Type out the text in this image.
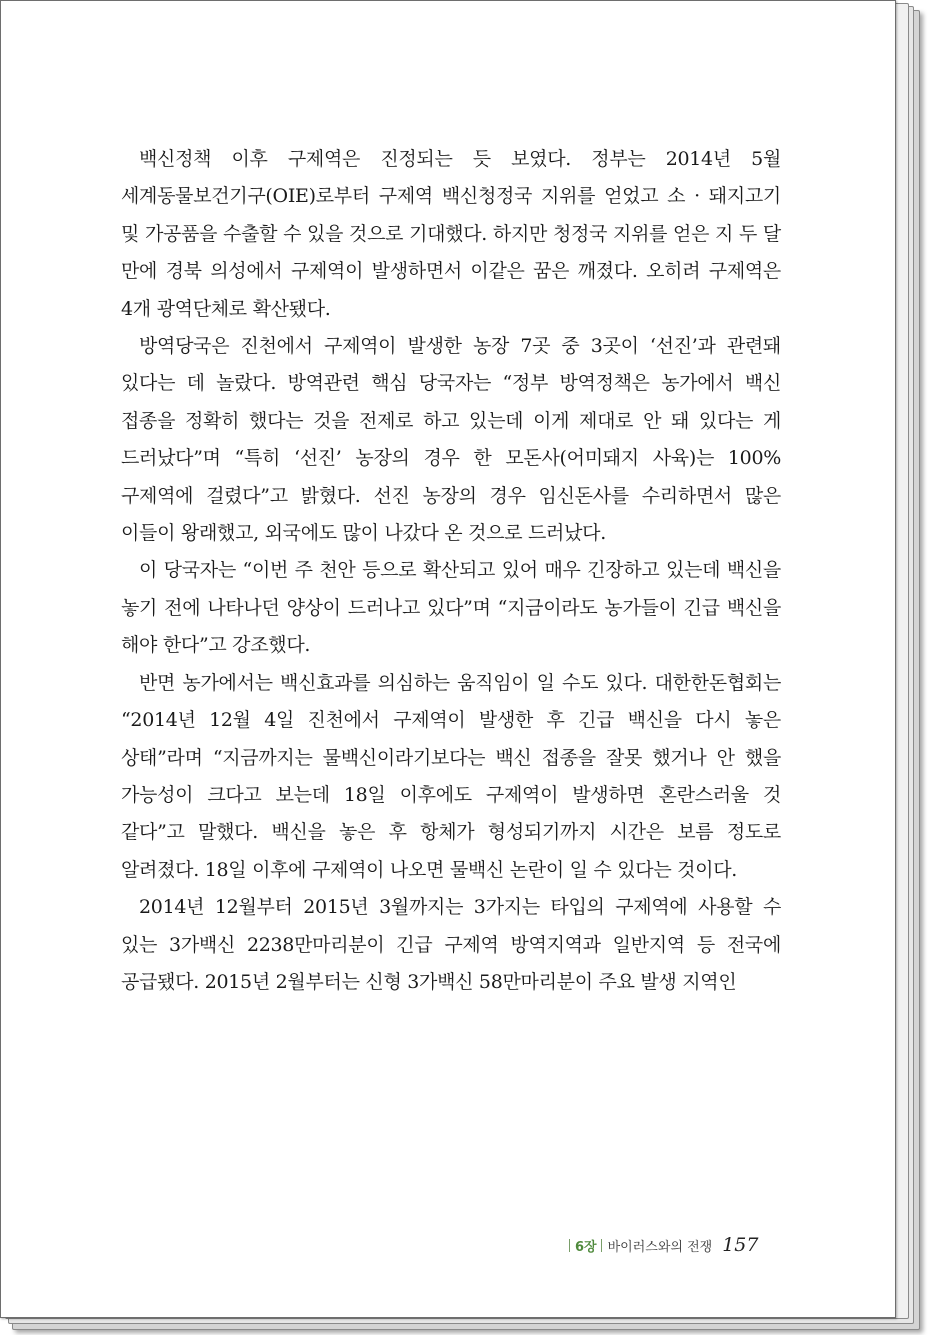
백신정책 이후 구제역은 진정되는 듯 보였다. 정부는 2014년 5월 세계동물보건기구(OIE)로부터 구제역 백신청정국 지위를 얻었고 소 · 돼지고기 및 가공품을 수출할 수 있을 것으로 기대했다. 하지만 청정국 지위를 얻은 지 두 달 만에 경북 의성에서 구제역이 발생하면서 이같은 꿈은 깨졌다. 오히려 구제역은 4개 광역단체로 확산됐다.

방역당국은 진천에서 구제역이 발생한 농장 7곳 중 3곳이 ‘선진’과 관련돼 있다는 데 놀랐다. 방역관련 핵심 당국자는 “정부 방역정책은 농가에서 백신 접종을 정확히 했다는 것을 전제로 하고 있는데 이게 제대로 안 돼 있다는 게 드러났다”며 “특히 ‘선진’ 농장의 경우 한 모돈사(어미돼지 사육)는 100% 구제역에 걸렸다”고 밝혔다. 선진 농장의 경우 임신돈사를 수리하면서 많은 이들이 왕래했고, 외국에도 많이 나갔다 온 것으로 드러났다.

이 당국자는 “이번 주 천안 등으로 확산되고 있어 매우 긴장하고 있는데 백신을 놓기 전에 나타나던 양상이 드러나고 있다”며 “지금이라도 농가들이 긴급 백신을 해야 한다”고 강조했다.

반면 농가에서는 백신효과를 의심하는 움직임이 일 수도 있다. 대한한돈협회는 “2014년 12월 4일 진천에서 구제역이 발생한 후 긴급 백신을 다시 놓은 상태”라며 “지금까지는 물백신이라기보다는 백신 접종을 잘못 했거나 안 했을 가능성이 크다고 보는데 18일 이후에도 구제역이 발생하면 혼란스러울 것 같다”고 말했다. 백신을 놓은 후 항체가 형성되기까지 시간은 보름 정도로 알려졌다. 18일 이후에 구제역이 나오면 물백신 논란이 일 수 있다는 것이다.

2014년 12월부터 2015년 3월까지는 3가지는 타입의 구제역에 사용할 수 있는 3가백신 2238만마리분이 긴급 구제역 방역지역과 일반지역 등 전국에 공급됐다. 2015년 2월부터는 신형 3가백신 58만마리분이 주요 발생 지역인

6장 바이러스와의 전쟁 157
